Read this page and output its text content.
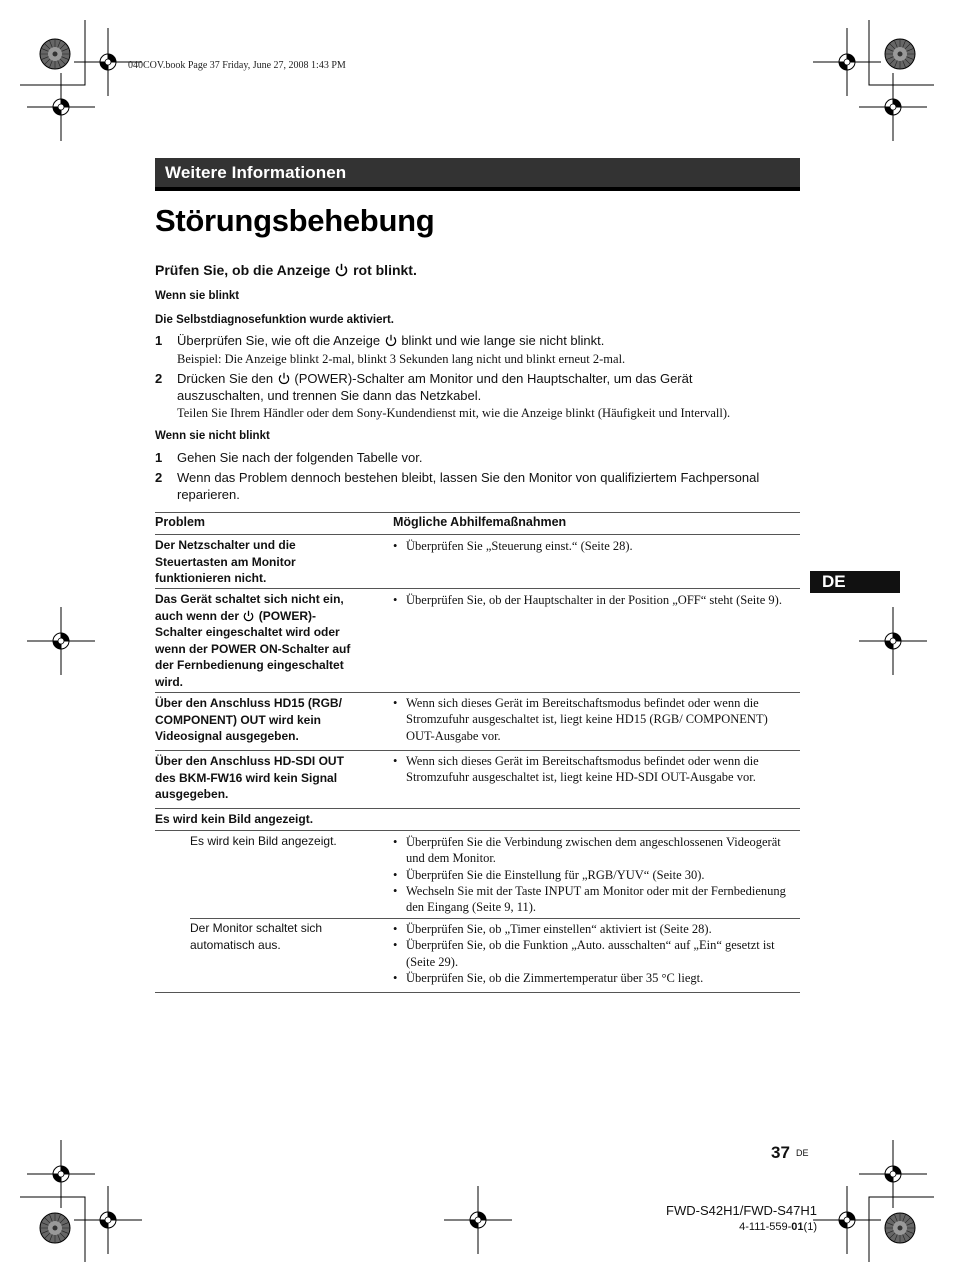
040COV.book Page 37 Friday, June 27, 2008 1:43 PM
Weitere Informationen
Störungsbehebung
Prüfen Sie, ob die Anzeige rot blinkt.
Wenn sie blinkt
Die Selbstdiagnosefunktion wurde aktiviert.
1 Überprüfen Sie, wie oft die Anzeige blinkt und wie lange sie nicht blinkt.
Beispiel: Die Anzeige blinkt 2-mal, blinkt 3 Sekunden lang nicht und blinkt erneut 2-mal.
2 Drücken Sie den (POWER)-Schalter am Monitor und den Hauptschalter, um das Gerät
auszuschalten, und trennen Sie dann das Netzkabel.
Teilen Sie Ihrem Händler oder dem Sony-Kundendienst mit, wie die Anzeige blinkt (Häufigkeit und Intervall).
Wenn sie nicht blinkt
1 Gehen Sie nach der folgenden Tabelle vor.
2 Wenn das Problem dennoch bestehen bleibt, lassen Sie den Monitor von qualifiziertem Fachpersonal
reparieren.
Problem	Mögliche Abhilfemaßnahmen
Der Netzschalter und die
Steuertasten am Monitor
funktionieren nicht.
• Überprüfen Sie „Steuerung einst.“ (Seite 28).
Das Gerät schaltet sich nicht ein,
auch wenn der (POWER)-
Schalter eingeschaltet wird oder
wenn der POWER ON-Schalter auf
der Fernbedienung eingeschaltet
wird.
• Überprüfen Sie, ob der Hauptschalter in der Position „OFF“ steht (Seite 9).
Über den Anschluss HD15 (RGB/
COMPONENT) OUT wird kein
Videosignal ausgegeben.
• Wenn sich dieses Gerät im Bereitschaftsmodus befindet oder wenn die Stromzufuhr ausgeschaltet ist, liegt keine HD15 (RGB/ COMPONENT) OUT-Ausgabe vor.
Über den Anschluss HD-SDI OUT
des BKM-FW16 wird kein Signal
ausgegeben.
• Wenn sich dieses Gerät im Bereitschaftsmodus befindet oder wenn die Stromzufuhr ausgeschaltet ist, liegt keine HD-SDI OUT-Ausgabe vor.
Es wird kein Bild angezeigt.
Es wird kein Bild angezeigt.
•	Überprüfen Sie die Verbindung zwischen dem angeschlossenen Videogerät und dem Monitor.
• Überprüfen Sie die Einstellung für „RGB/YUV“ (Seite 30).
• Wechseln Sie mit der Taste INPUT am Monitor oder mit der Fernbedienung den Eingang (Seite 9, 11).
Der Monitor schaltet sich
automatisch aus.
• Überprüfen Sie, ob „Timer einstellen“ aktiviert ist (Seite 28).
• Überprüfen Sie, ob die Funktion „Auto. ausschalten“ auf „Ein“ gesetzt ist (Seite 29).
• Überprüfen Sie, ob die Zimmertemperatur über 35 °C liegt.
DE
37 DE
FWD-S42H1/FWD-S47H1
4-111-559-01(1)
